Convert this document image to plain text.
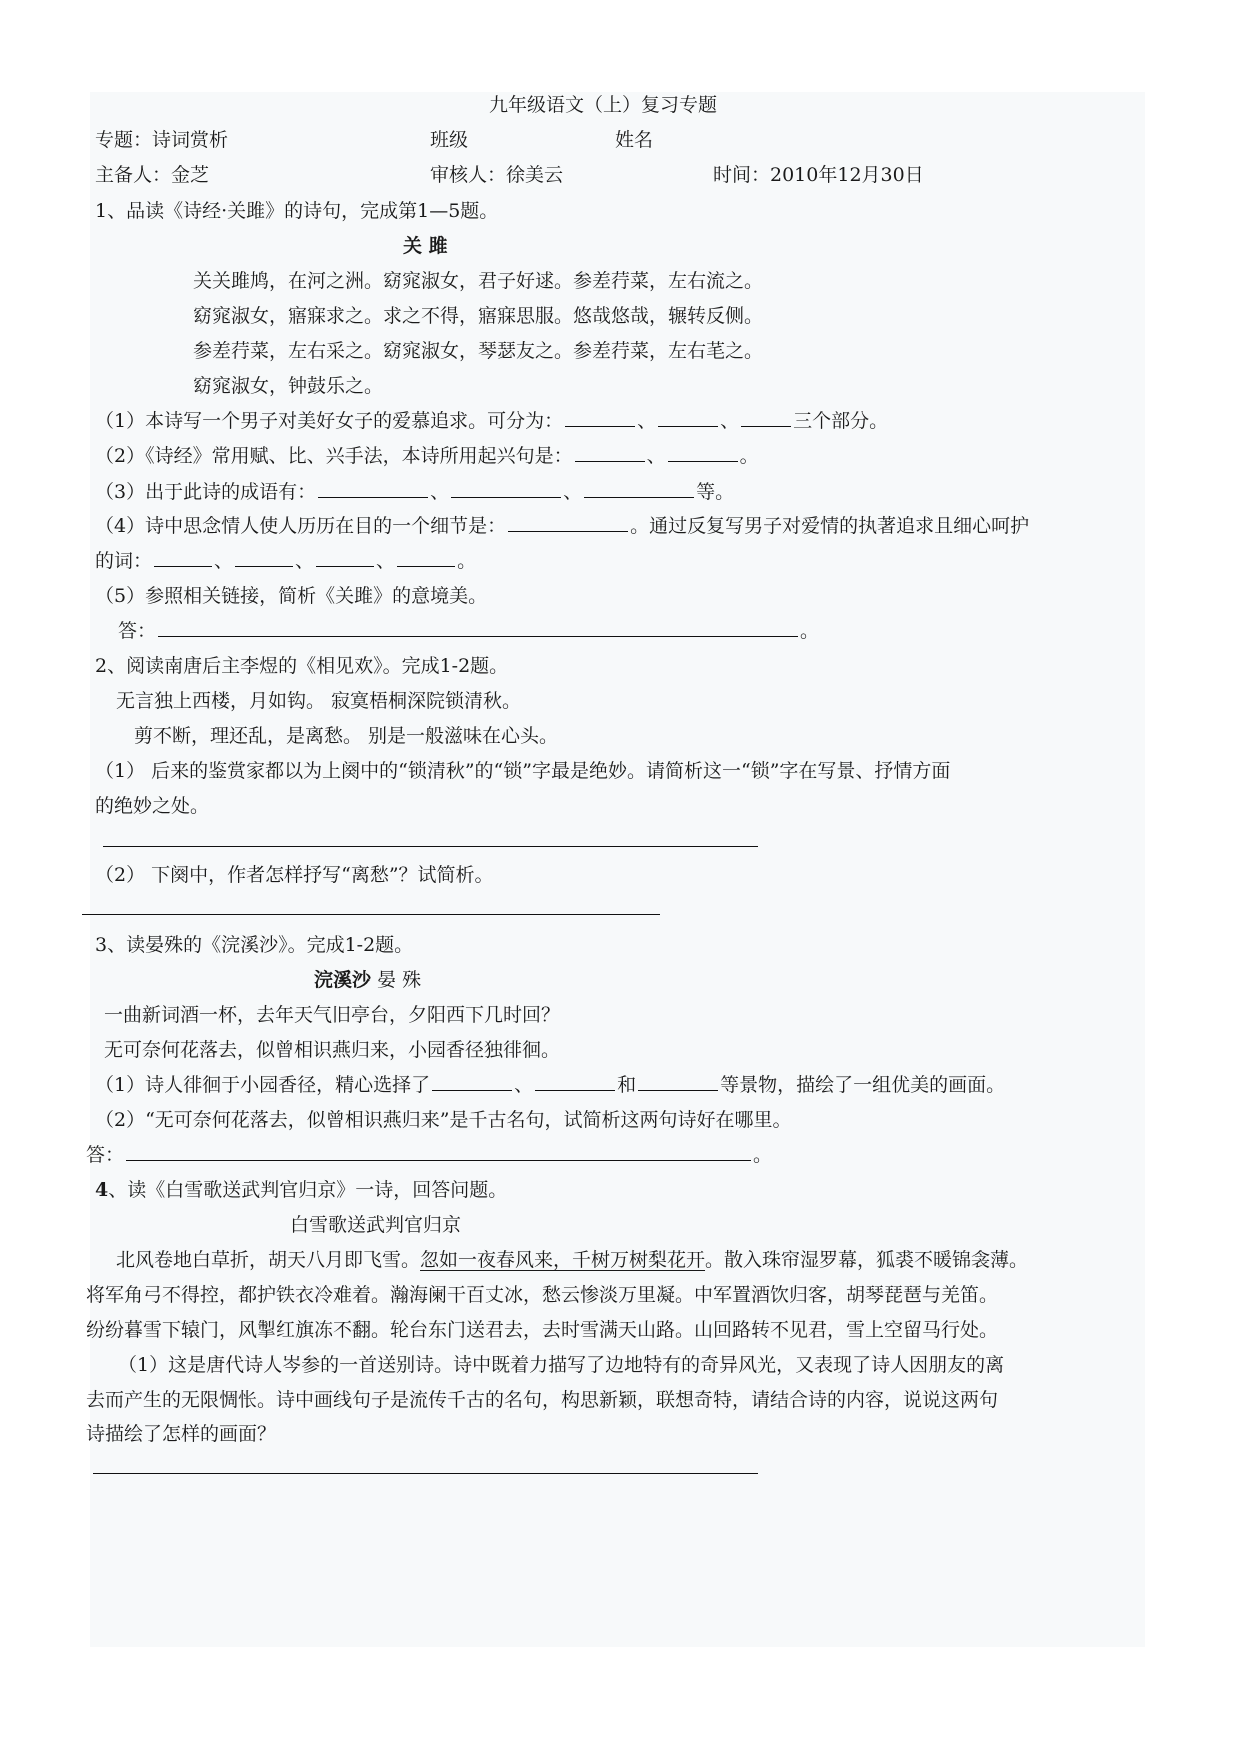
九年级语文（上）复习专题
专题：诗词赏析	班级	姓名
主备人：金芝	审核人：徐美云	时间：2010年12月30日
1、品读《诗经·关雎》的诗句，完成第1—5题。
关 雎
关关雎鸠，在河之洲。窈窕淑女，君子好逑。参差荇菜，左右流之。
窈窕淑女，寤寐求之。求之不得，寤寐思服。悠哉悠哉，辗转反侧。
参差荇菜，左右采之。窈窕淑女，琴瑟友之。参差荇菜，左右芼之。
窈窕淑女，钟鼓乐之。
（1）本诗写一个男子对美好女子的爱慕追求。可分为：	、	、	三个部分。
（2）《诗经》常用赋、比、兴手法，本诗所用起兴句是：	、	。
（3）出于此诗的成语有：	、	、	等。
（4）诗中思念情人使人历历在目的一个细节是：	。通过反复写男子对爱情的执著追求且细心呵护
的词：	、	、	、	。
（5）参照相关链接，简析《关雎》的意境美。
答：	。
2、阅读南唐后主李煜的《相见欢》。完成1-2题。
无言独上西楼，月如钩。 寂寞梧桐深院锁清秋。
剪不断，理还乱，是离愁。 别是一般滋味在心头。
（1） 后来的鉴赏家都以为上阕中的“锁清秋”的“锁”字最是绝妙。请简析这一“锁”字在写景、抒情方面
的绝妙之处。
（2） 下阕中，作者怎样抒写“离愁”？试简析。
3、读晏殊的《浣溪沙》。完成1-2题。
浣溪沙 晏 殊
一曲新词酒一杯，去年天气旧亭台，夕阳西下几时回？
无可奈何花落去，似曾相识燕归来，小园香径独徘徊。
（1）诗人徘徊于小园香径，精心选择了	、	和	等景物，描绘了一组优美的画面。
（2）“无可奈何花落去，似曾相识燕归来”是千古名句，试简析这两句诗好在哪里。
答：	。
4、读《白雪歌送武判官归京》一诗，回答问题。
白雪歌送武判官归京
北风卷地白草折，胡天八月即飞雪。忽如一夜春风来，千树万树梨花开。散入珠帘湿罗幕，狐裘不暖锦衾薄。
将军角弓不得控，都护铁衣冷难着。瀚海阑干百丈冰，愁云惨淡万里凝。中军置酒饮归客，胡琴琵琶与羌笛。
纷纷暮雪下辕门，风掣红旗冻不翻。轮台东门送君去，去时雪满天山路。山回路转不见君，雪上空留马行处。
（1）这是唐代诗人岑参的一首送别诗。诗中既着力描写了边地特有的奇异风光，又表现了诗人因朋友的离
去而产生的无限惆怅。诗中画线句子是流传千古的名句，构思新颖，联想奇特，请结合诗的内容，说说这两句
诗描绘了怎样的画面？
